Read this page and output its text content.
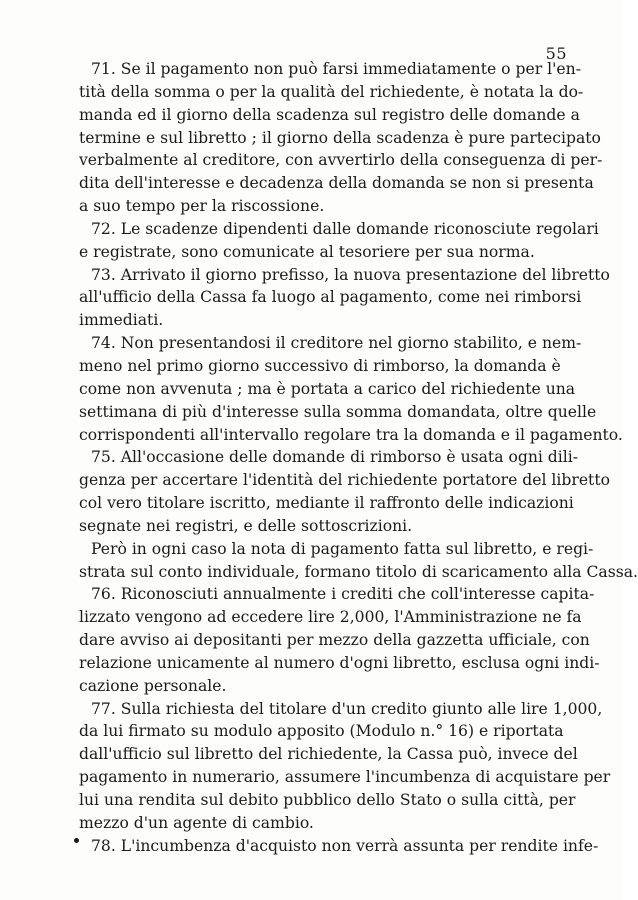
55

71. Se il pagamento non può farsi immediatamente o per l'en-
tità della somma o per la qualità del richiedente, è notata la do-
manda ed il giorno della scadenza sul registro delle domande a
termine e sul libretto ; il giorno della scadenza è pure partecipato
verbalmente al creditore, con avvertirlo della conseguenza di per-
dita dell'interesse e decadenza della domanda se non si presenta
a suo tempo per la riscossione.

72. Le scadenze dipendenti dalle domande riconosciute regolari
e registrate, sono comunicate al tesoriere per sua norma.

73. Arrivato il giorno prefisso, la nuova presentazione del libretto
all'ufficio della Cassa fa luogo al pagamento, come nei rimborsi
immediati.

74. Non presentandosi il creditore nel giorno stabilito, e nem-
meno nel primo giorno successivo di rimborso, la domanda è
come non avvenuta ; ma è portata a carico del richiedente una
settimana di più d'interesse sulla somma domandata, oltre quelle
corrispondenti all'intervallo regolare tra la domanda e il pagamento.

75. All'occasione delle domande di rimborso è usata ogni dili-
genza per accertare l'identità del richiedente portatore del libretto
col vero titolare iscritto, mediante il raffronto delle indicazioni
segnate nei registri, e delle sottoscrizioni.

Però in ogni caso la nota di pagamento fatta sul libretto, e regi-
strata sul conto individuale, formano titolo di scaricamento alla Cassa.

76. Riconosciuti annualmente i crediti che coll'interesse capita-
lizzato vengono ad eccedere lire 2,000, l'Amministrazione ne fa
dare avviso ai depositanti per mezzo della gazzetta ufficiale, con
relazione unicamente al numero d'ogni libretto, esclusa ogni indi-
cazione personale.

77. Sulla richiesta del titolare d'un credito giunto alle lire 1,000,
da lui firmato su modulo apposito (Modulo n.° 16) e riportata
dall'ufficio sul libretto del richiedente, la Cassa può, invece del
pagamento in numerario, assumere l'incumbenza di acquistare per
lui una rendita sul debito pubblico dello Stato o sulla città, per
mezzo d'un agente di cambio.

78. L'incumbenza d'acquisto non verrà assunta per rendite infe-
